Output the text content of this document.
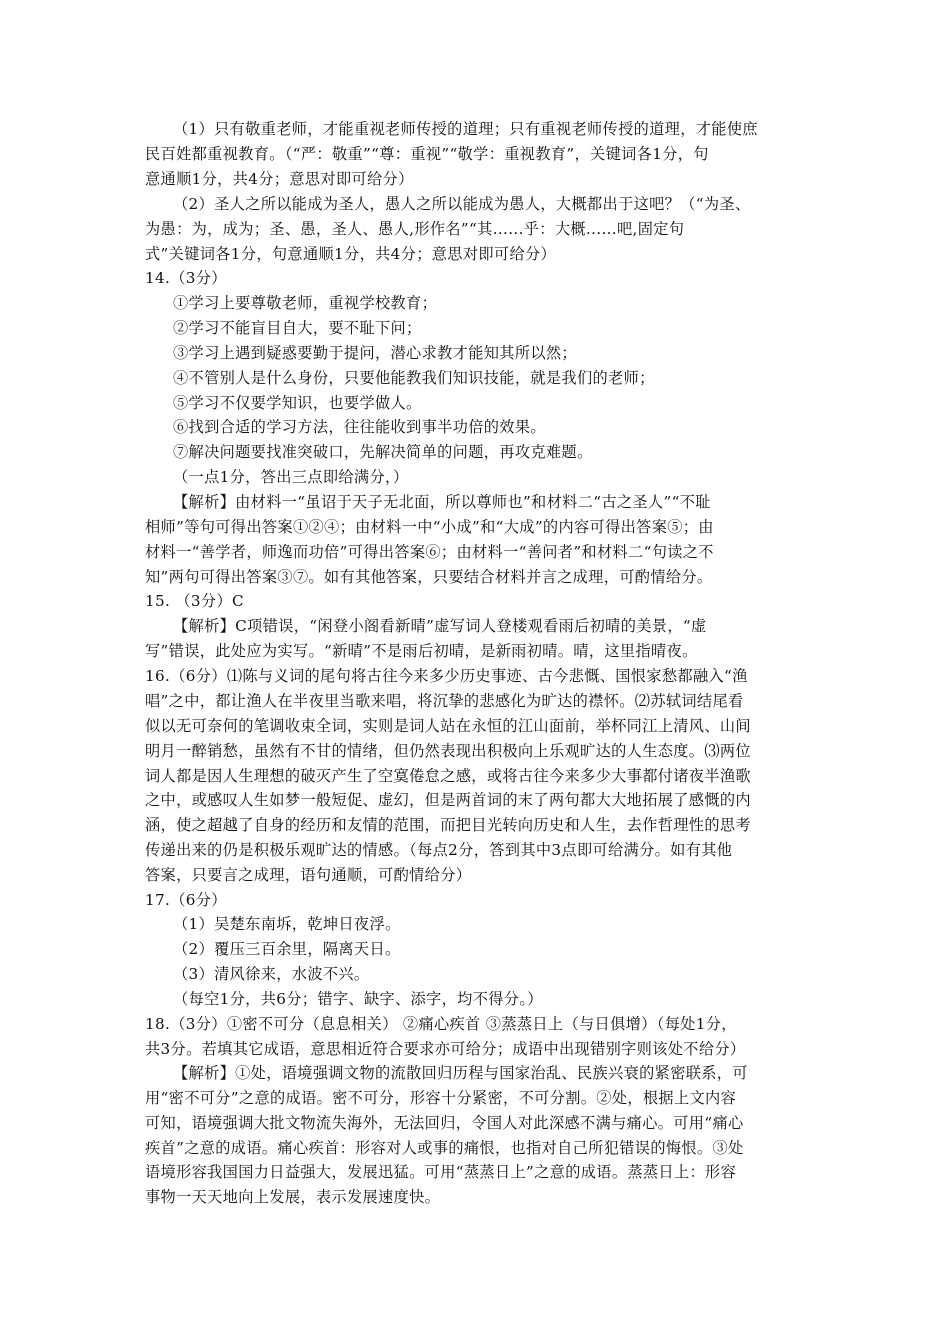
（1）只有敬重老师，才能重视老师传授的道理；只有重视老师传授的道理，才能使庶
民百姓都重视教育。（“严：敬重”“尊：重视”“敬学：重视教育”，关键词各1分，句
意通顺1分，共4分；意思对即可给分）
（2）圣人之所以能成为圣人，愚人之所以能成为愚人，大概都出于这吧？（“为圣、
为愚：为，成为；圣、愚，圣人、愚人,形作名”“其......乎：大概......吧,固定句
式”关键词各1分，句意通顺1分，共4分；意思对即可给分）
14.（3分）
①学习上要尊敬老师，重视学校教育；
②学习不能盲目自大，要不耻下问；
③学习上遇到疑惑要勤于提问，潜心求教才能知其所以然；
④不管别人是什么身份，只要他能教我们知识技能，就是我们的老师；
⑤学习不仅要学知识，也要学做人。
⑥找到合适的学习方法，往往能收到事半功倍的效果。
⑦解决问题要找准突破口，先解决简单的问题，再攻克难题。
（一点1分，答出三点即给满分，）
【解析】由材料一“虽诏于天子无北面，所以尊师也”和材料二“古之圣人”“不耻
相师”等句可得出答案①②④；由材料一中“小成”和“大成”的内容可得出答案⑤；由
材料一“善学者，师逸而功倍”可得出答案⑥；由材料一“善问者”和材料二“句读之不
知”两句可得出答案③⑦。如有其他答案，只要结合材料并言之成理，可酌情给分。
15. （3分）C
【解析】C项错误，“闲登小阁看新晴”虚写词人登楼观看雨后初晴的美景，“虚
写”错误，此处应为实写。“新晴”不是雨后初晴，是新雨初晴。晴，这里指晴夜。
16.（6分）⑴陈与义词的尾句将古往今来多少历史事迹、古今悲慨、国恨家愁都融入“渔
唱”之中，都让渔人在半夜里当歌来唱，将沉挚的悲感化为旷达的襟怀。⑵苏轼词结尾看
似以无可奈何的笔调收束全词，实则是词人站在永恒的江山面前，举杯同江上清风、山间
明月一醉销愁，虽然有不甘的情绪，但仍然表现出积极向上乐观旷达的人生态度。⑶两位
词人都是因人生理想的破灭产生了空寞倦怠之感，或将古往今来多少大事都付诸夜半渔歌
之中，或感叹人生如梦一般短促、虚幻，但是两首词的末了两句都大大地拓展了感慨的内
涵，使之超越了自身的经历和友情的范围，而把目光转向历史和人生，去作哲理性的思考
传递出来的仍是积极乐观旷达的情感。（每点2分，答到其中3点即可给满分。如有其他
答案，只要言之成理，语句通顺，可酌情给分）
17.（6分）
（1）吴楚东南坼，乾坤日夜浮。
（2）覆压三百余里，隔离天日。
（3）清风徐来，水波不兴。
（每空1分，共6分；错字、缺字、添字，均不得分。）
18.（3分）①密不可分（息息相关） ②痛心疾首 ③蒸蒸日上（与日俱增）（每处1分，
共3分。若填其它成语，意思相近符合要求亦可给分；成语中出现错别字则该处不给分）
【解析】①处，语境强调文物的流散回归历程与国家治乱、民族兴衰的紧密联系，可
用“密不可分”之意的成语。密不可分，形容十分紧密，不可分割。②处，根据上文内容
可知，语境强调大批文物流失海外，无法回归，令国人对此深感不满与痛心。可用“痛心
疾首”之意的成语。痛心疾首：形容对人或事的痛恨，也指对自己所犯错误的悔恨。③处
语境形容我国国力日益强大，发展迅猛。可用“蒸蒸日上”之意的成语。蒸蒸日上：形容
事物一天天地向上发展，表示发展速度快。
